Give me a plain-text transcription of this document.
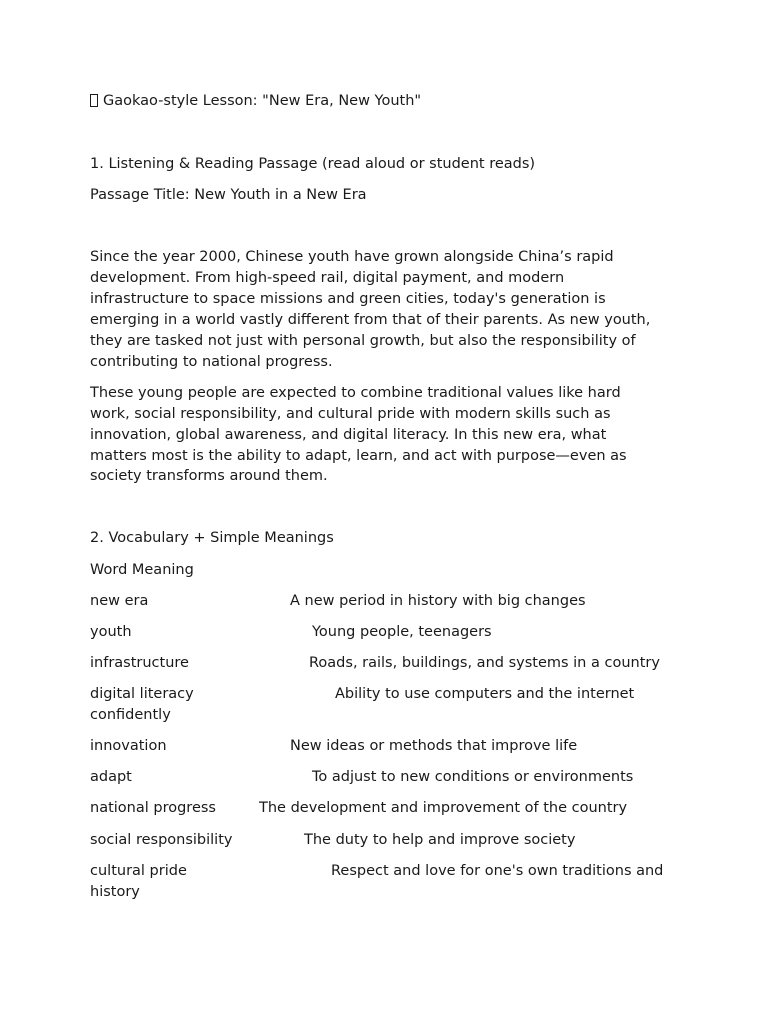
Gaokao-style Lesson: "New Era, New Youth"
1. Listening & Reading Passage (read aloud or student reads)
Passage Title: New Youth in a New Era
Since the year 2000, Chinese youth have grown alongside China’s rapid
development. From high-speed rail, digital payment, and modern
infrastructure to space missions and green cities, today's generation is
emerging in a world vastly different from that of their parents. As new youth,
they are tasked not just with personal growth, but also the responsibility of
contributing to national progress.
These young people are expected to combine traditional values like hard
work, social responsibility, and cultural pride with modern skills such as
innovation, global awareness, and digital literacy. In this new era, what
matters most is the ability to adapt, learn, and act with purpose—even as
society transforms around them.
2. Vocabulary + Simple Meanings
Word Meaning
new era	A new period in history with big changes
youth	Young people, teenagers
infrastructure	Roads, rails, buildings, and systems in a country
digital literacy	Ability to use computers and the internet
confidently
innovation	New ideas or methods that improve life
adapt	To adjust to new conditions or environments
national progress	The development and improvement of the country
social responsibility	The duty to help and improve society
cultural pride	Respect and love for one's own traditions and
history
